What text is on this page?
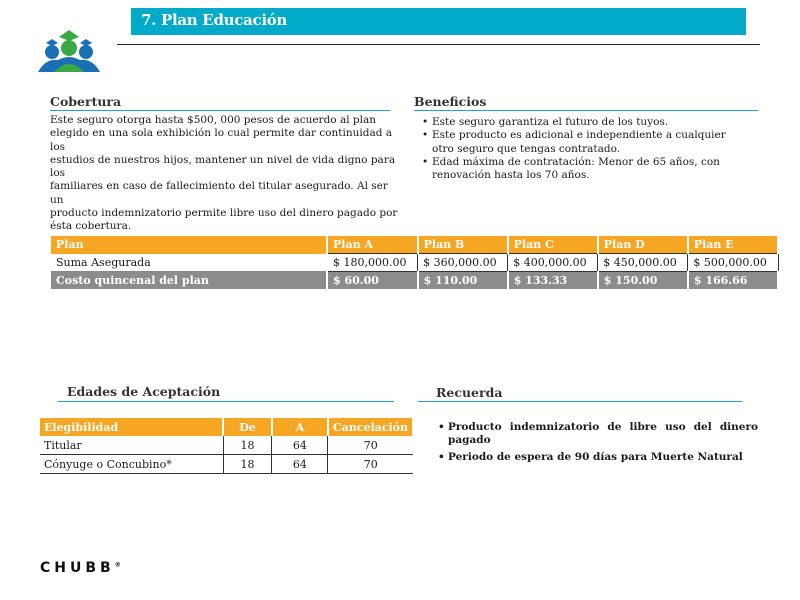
7. Plan Educación
Cobertura
Este seguro otorga hasta $500, 000 pesos de acuerdo al plan
elegido en una sola exhibición lo cual permite dar continuidad a los
estudios de nuestros hijos, mantener un nivel de vida digno para los
familiares en caso de fallecimiento del titular asegurado. Al ser un
producto indemnizatorio permite libre uso del dinero pagado por
ésta cobertura.
Beneficios
• Este seguro garantiza el futuro de los tuyos.
• Este producto es adicional e independiente a cualquier
otro seguro que tengas contratado.
• Edad máxima de contratación: Menor de 65 años, con
renovación hasta los 70 años.
Plan	Plan A	Plan B	Plan C	Plan D	Plan E
Suma Asegurada	$ 180,000.00	$ 360,000.00	$ 400,000.00	$ 450,000.00	$ 500,000.00
Costo quincenal del plan	$ 60.00	$ 110.00	$ 133.33	$ 150.00	$ 166.66
Edades de Aceptación
Elegibilidad	De	A	Cancelación
Titular	18	64	70
Cónyuge o Concubino*	18	64	70
Recuerda
• Producto indemnizatorio de libre uso del dinero
pagado
• Periodo de espera de 90 días para Muerte Natural
CHUBB®
